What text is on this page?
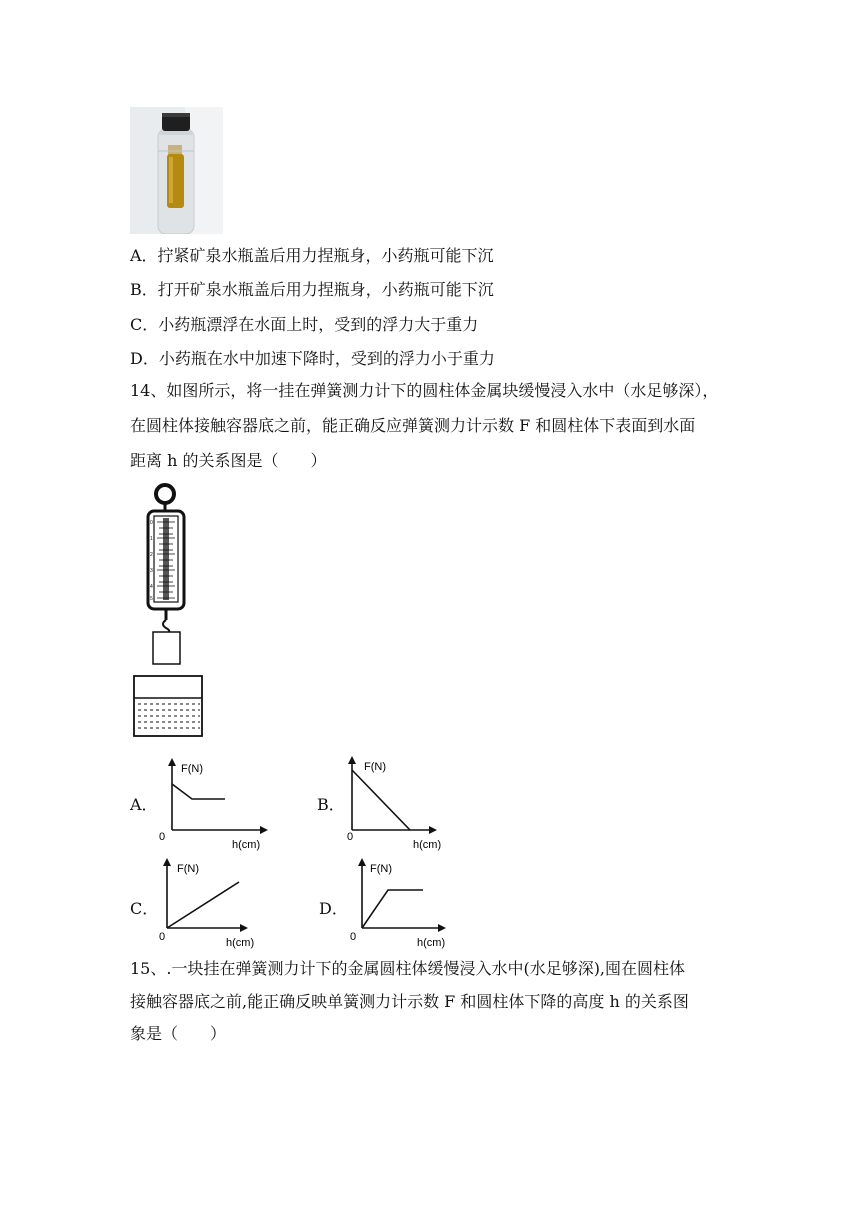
A．拧紧矿泉水瓶盖后用力捏瓶身，小药瓶可能下沉
B．打开矿泉水瓶盖后用力捏瓶身，小药瓶可能下沉
C．小药瓶漂浮在水面上时，受到的浮力大于重力
D．小药瓶在水中加速下降时，受到的浮力小于重力
14、如图所示，将一挂在弹簧测力计下的圆柱体金属块缓慢浸入水中（水足够深），
在圆柱体接触容器底之前，能正确反应弹簧测力计示数 F 和圆柱体下表面到水面
距离 h 的关系图是（　　）
0
1
2
3
4
5
A．
F(N)
0
h(cm)
B．
F(N)
0
h(cm)
C．
F(N)
0	h(cm)
D．
F(N)
0	h(cm)
15、.一块挂在弹簧测力计下的金属圆柱体缓慢浸入水中(水足够深),囤在圆柱体
接触容器底之前,能正确反映单簧测力计示数 F 和圆柱体下降的高度 h 的关系图
象是（　　）
